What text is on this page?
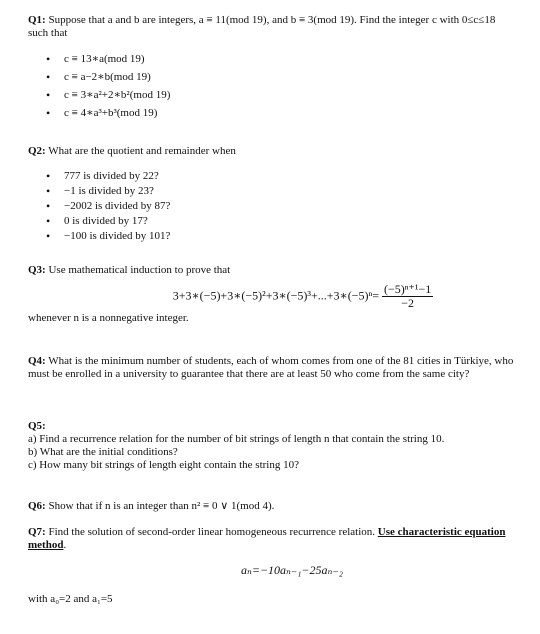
Q1: Suppose that a and b are integers, a ≡ 11(mod 19), and b ≡ 3(mod 19). Find the integer c with 0≤c≤18 such that

• c ≡ 13∗a(mod 19)
• c ≡ a−2∗b(mod 19)
• c ≡ 3∗a²+2∗b²(mod 19)
• c ≡ 4∗a³+b³(mod 19)

Q2: What are the quotient and remainder when

• 777 is divided by 22?
• −1 is divided by 23?
• −2002 is divided by 87?
• 0 is divided by 17?
• −100 is divided by 101?

Q3: Use mathematical induction to prove that

3+3∗(−5)+3∗(−5)²+3∗(−5)³+...+3∗(−5)ⁿ= $\frac{\text{(−5)ⁿ⁺¹−1}}{-2}$

whenever n is a nonnegative integer.

Q4: What is the minimum number of students, each of whom comes from one of the 81 cities in Türkiye, who must be enrolled in a university to guarantee that there are at least 50 who come from the same city?

Q5:

a) Find a recurrence relation for the number of bit strings of length n that contain the string 10.

b) What are the initial conditions?

c) How many bit strings of length eight contain the string 10?

Q6: Show that if n is an integer than n² ≡ 0 ∨ 1(mod 4).

Q7: Find the solution of second-order linear homogeneous recurrence relation. Use characteristic equation method.

aₙ=−10aₙ₋₁−25aₙ₋₂

with a₀=2 and a₁=5
